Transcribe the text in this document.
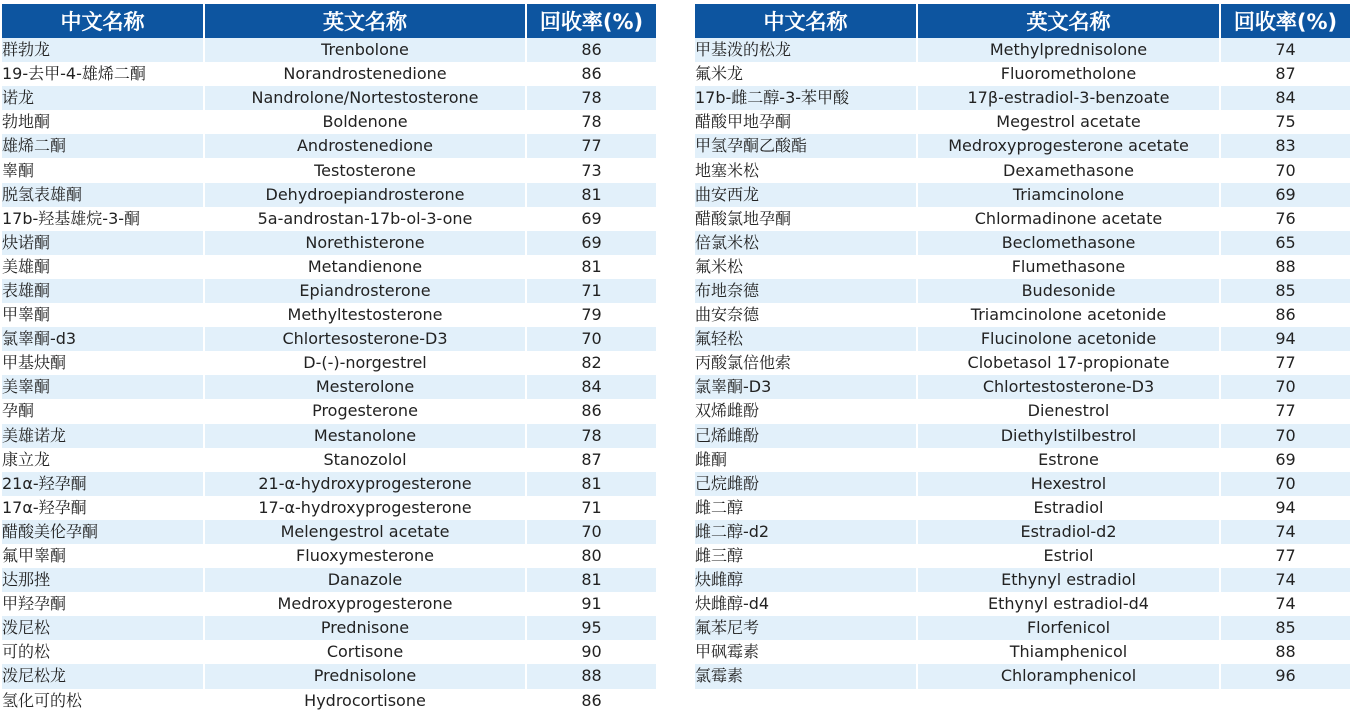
中文名称	英文名称	回收率(%)
群勃龙	Trenbolone	86
19-去甲-4-雄烯二酮	Norandrostenedione	86
诺龙	Nandrolone/Nortestosterone	78
勃地酮	Boldenone	78
雄烯二酮	Androstenedione	77
睾酮	Testosterone	73
脱氢表雄酮	Dehydroepiandrosterone	81
17b-羟基雄烷-3-酮	5a-androstan-17b-ol-3-one	69
炔诺酮	Norethisterone	69
美雄酮	Metandienone	81
表雄酮	Epiandrosterone	71
甲睾酮	Methyltestosterone	79
氯睾酮-d3	Chlortesosterone-D3	70
甲基炔酮	D-(-)-norgestrel	82
美睾酮	Mesterolone	84
孕酮	Progesterone	86
美雄诺龙	Mestanolone	78
康立龙	Stanozolol	87
21α-羟孕酮	21-α-hydroxyprogesterone	81
17α-羟孕酮	17-α-hydroxyprogesterone	71
醋酸美伦孕酮	Melengestrol acetate	70
氟甲睾酮	Fluoxymesterone	80
达那挫	Danazole	81
甲羟孕酮	Medroxyprogesterone	91
泼尼松	Prednisone	95
可的松	Cortisone	90
泼尼松龙	Prednisolone	88
氢化可的松	Hydrocortisone	86
中文名称	英文名称	回收率(%)
甲基泼的松龙	Methylprednisolone	74
氟米龙	Fluorometholone	87
17b-雌二醇-3-苯甲酸	17β-estradiol-3-benzoate	84
醋酸甲地孕酮	Megestrol acetate	75
甲氢孕酮乙酸酯	Medroxyprogesterone acetate	83
地塞米松	Dexamethasone	70
曲安西龙	Triamcinolone	69
醋酸氯地孕酮	Chlormadinone acetate	76
倍氯米松	Beclomethasone	65
氟米松	Flumethasone	88
布地奈德	Budesonide	85
曲安奈德	Triamcinolone acetonide	86
氟轻松	Flucinolone acetonide	94
丙酸氯倍他索	Clobetasol 17-propionate	77
氯睾酮-D3	Chlortestosterone-D3	70
双烯雌酚	Dienestrol	77
己烯雌酚	Diethylstilbestrol	70
雌酮	Estrone	69
己烷雌酚	Hexestrol	70
雌二醇	Estradiol	94
雌二醇-d2	Estradiol-d2	74
雌三醇	Estriol	77
炔雌醇	Ethynyl estradiol	74
炔雌醇-d4	Ethynyl estradiol-d4	74
氟苯尼考	Florfenicol	85
甲砜霉素	Thiamphenicol	88
氯霉素	Chloramphenicol	96
